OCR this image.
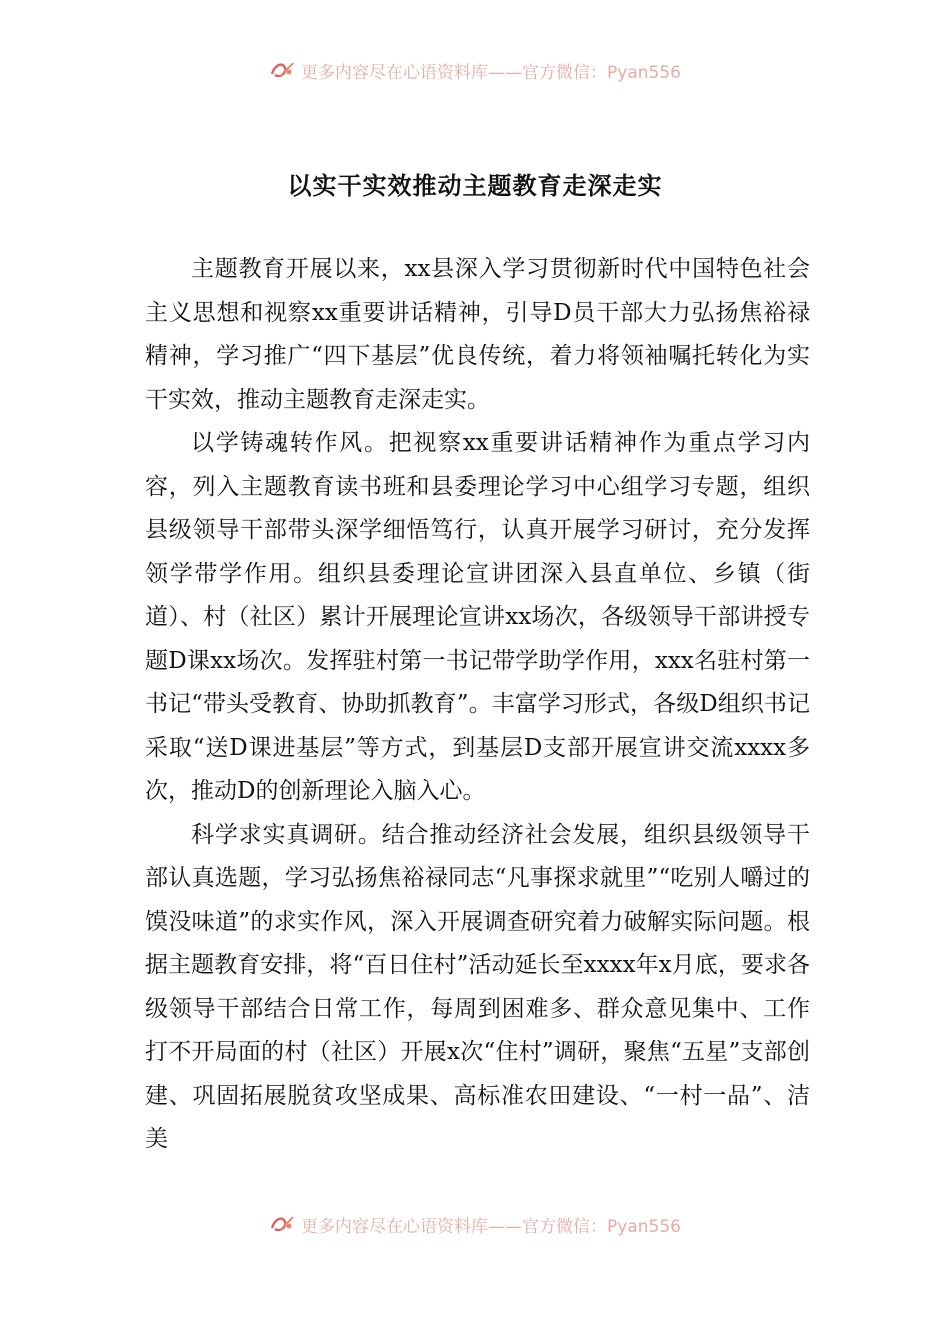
更多内容尽在心语资料库——官方微信：Pyan556
以实干实效推动主题教育走深走实

主题教育开展以来，xx县深入学习贯彻新时代中国特色社会主义思想和视察xx重要讲话精神，引导D员干部大力弘扬焦裕禄精神，学习推广“四下基层”优良传统，着力将领袖嘱托转化为实干实效，推动主题教育走深走实。

以学铸魂转作风。把视察xx重要讲话精神作为重点学习内容，列入主题教育读书班和县委理论学习中心组学习专题，组织县级领导干部带头深学细悟笃行，认真开展学习研讨，充分发挥领学带学作用。组织县委理论宣讲团深入县直单位、乡镇（街道）、村（社区）累计开展理论宣讲xx场次，各级领导干部讲授专题D课xx场次。发挥驻村第一书记带学助学作用，xxx名驻村第一书记“带头受教育、协助抓教育”。丰富学习形式，各级D组织书记采取“送D课进基层”等方式，到基层D支部开展宣讲交流xxxx多次，推动D的创新理论入脑入心。

科学求实真调研。结合推动经济社会发展，组织县级领导干部认真选题，学习弘扬焦裕禄同志“凡事探求就里”“吃别人嚼过的馍没味道”的求实作风，深入开展调查研究着力破解实际问题。根据主题教育安排，将“百日住村”活动延长至xxxx年x月底，要求各级领导干部结合日常工作，每周到困难多、群众意见集中、工作打不开局面的村（社区）开展x次“住村”调研，聚焦“五星”支部创建、巩固拓展脱贫攻坚成果、高标准农田建设、“一村一品”、洁美

更多内容尽在心语资料库——官方微信：Pyan556
